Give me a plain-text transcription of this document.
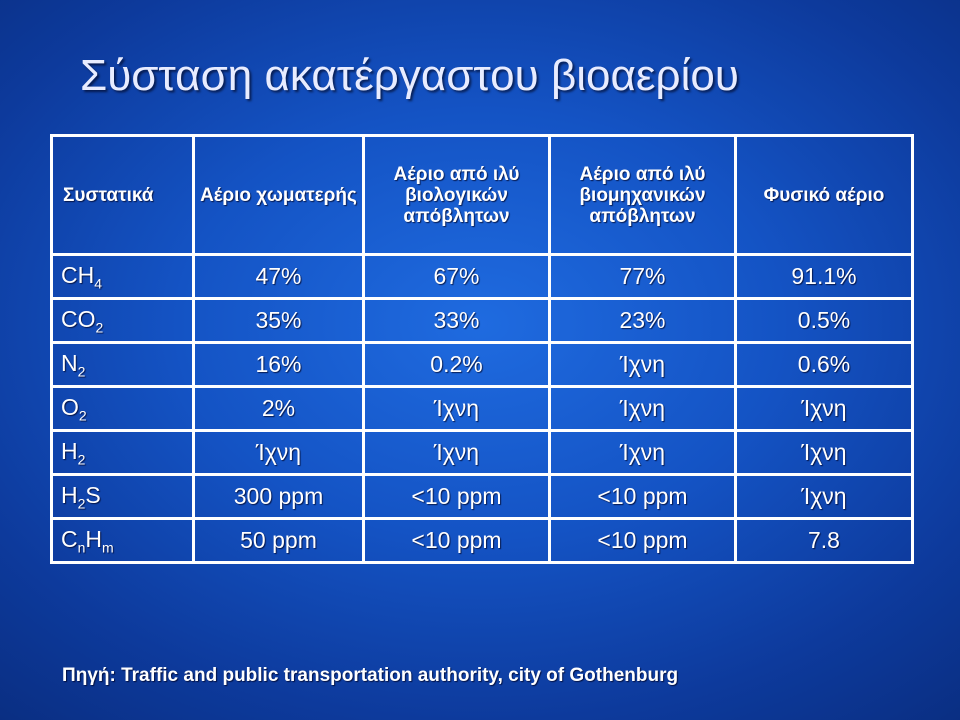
Σύσταση ακατέργαστου βιοαερίου
Συστατικά	Αέριο χωματερής	Αέριο από ιλύ βιολογικών απόβλητων	Αέριο από ιλύ βιομηχανικών απόβλητων	Φυσικό αέριο
$CH_4$	47%	67%	77%	91.1%
$CO_2$	35%	33%	23%	0.5%
$N_2$	16%	0.2%	Ίχνη	0.6%
$O_2$	2%	Ίχνη	Ίχνη	Ίχνη
$H_2$	Ίχνη	Ίχνη	Ίχνη	Ίχνη
$H_2S$	300 ppm	<10 ppm	<10 ppm	Ίχνη
$C_nH_m$	50 ppm	<10 ppm	<10 ppm	7.8
Πηγή: Traffic and public transportation authority, city of Gothenburg
